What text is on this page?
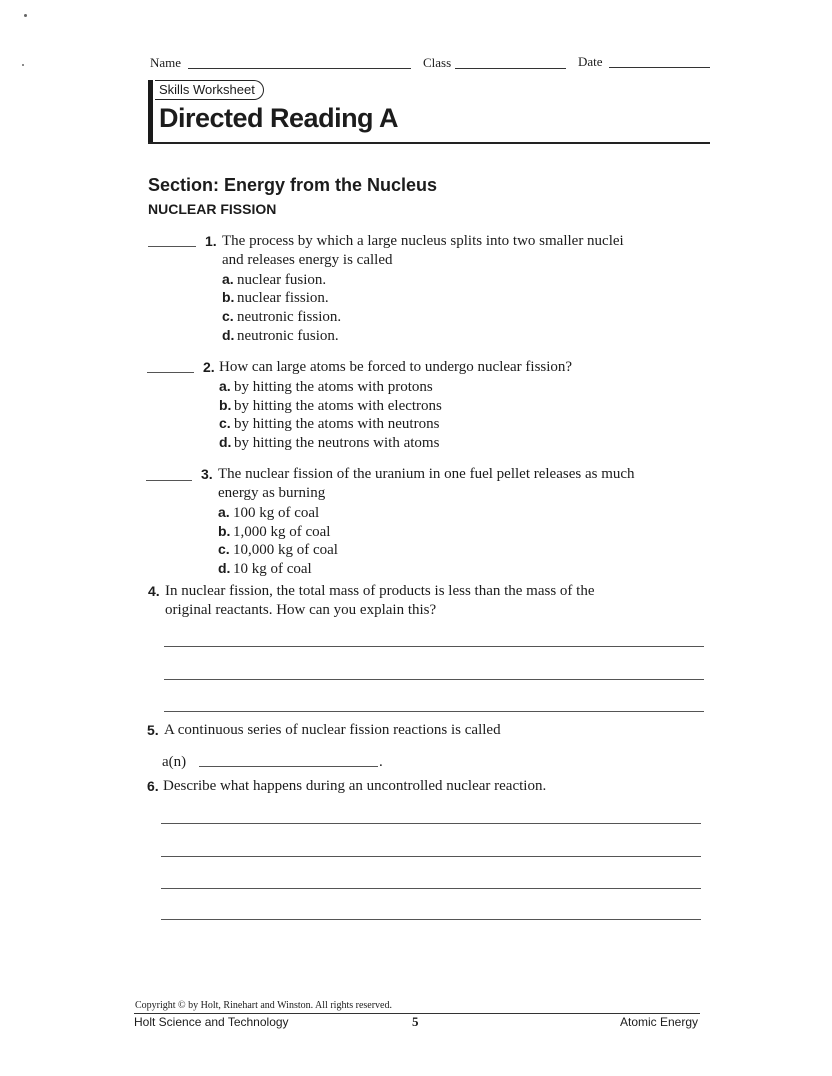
Name	Class	Date
Skills Worksheet
Directed Reading A
Section: Energy from the Nucleus
NUCLEAR FISSION
1. The process by which a large nucleus splits into two smaller nuclei
and releases energy is called
a. nuclear fusion.
b. nuclear fission.
c. neutronic fission.
d. neutronic fusion.
2. How can large atoms be forced to undergo nuclear fission?
a. by hitting the atoms with protons
b. by hitting the atoms with electrons
c. by hitting the atoms with neutrons
d. by hitting the neutrons with atoms
3. The nuclear fission of the uranium in one fuel pellet releases as much
energy as burning
a. 100 kg of coal
b. 1,000 kg of coal
c. 10,000 kg of coal
d. 10 kg of coal
4. In nuclear fission, the total mass of products is less than the mass of the
original reactants. How can you explain this?
5. A continuous series of nuclear fission reactions is called
a(n)	.
6. Describe what happens during an uncontrolled nuclear reaction.
Copyright © by Holt, Rinehart and Winston. All rights reserved.
Holt Science and Technology	5	Atomic Energy
